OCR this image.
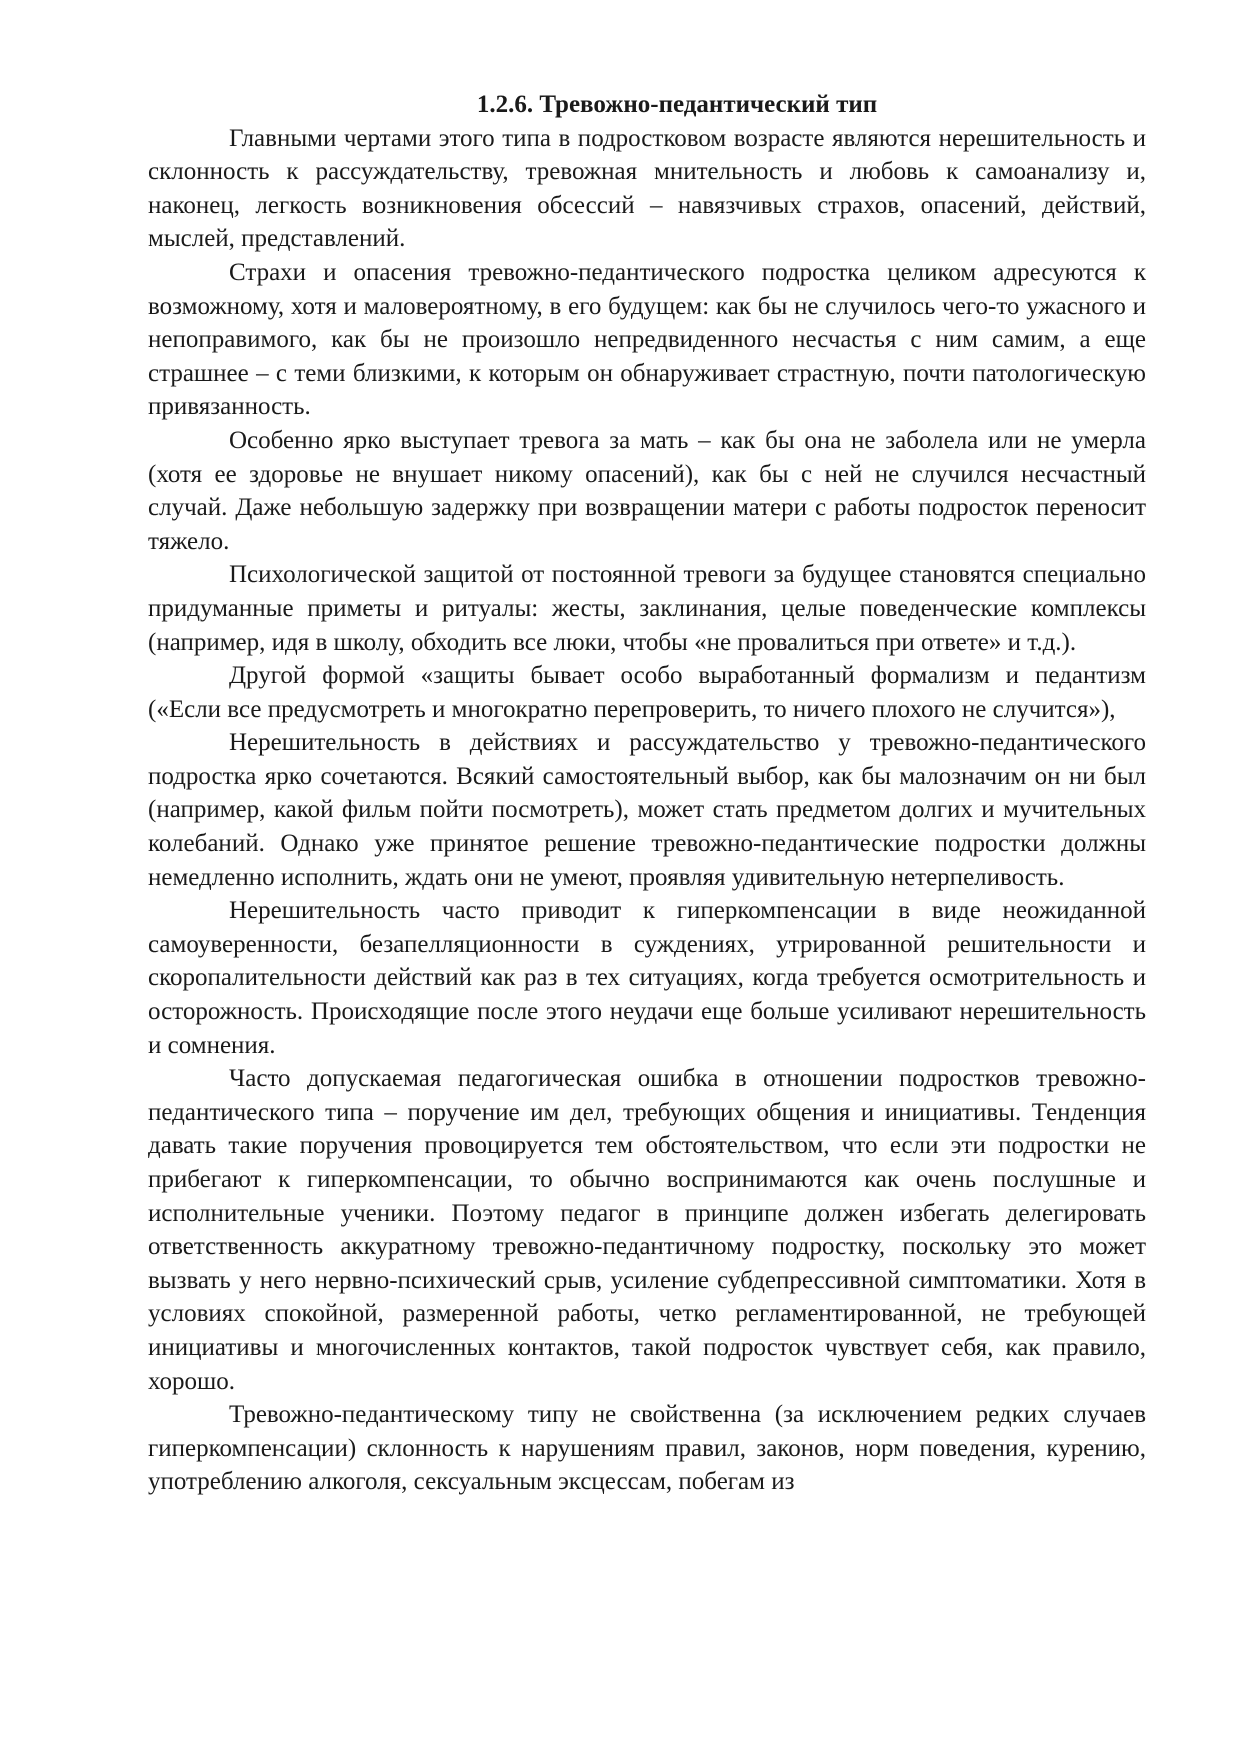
1.2.6. Тревожно-педантический тип

Главными чертами этого типа в подростковом возрасте являются нерешительность и склонность к рассуждательству, тревожная мнительность и любовь к самоанализу и, наконец, легкость возникновения обсессий – навязчивых страхов, опасений, действий, мыслей, представлений.

Страхи и опасения тревожно-педантического подростка целиком адресуются к возможному, хотя и маловероятному, в его будущем: как бы не случилось чего-то ужасного и непоправимого, как бы не произошло непредвиденного несчастья с ним самим, а еще страшнее – с теми близкими, к которым он обнаруживает страстную, почти патологическую привязанность.

Особенно ярко выступает тревога за мать – как бы она не заболела или не умерла (хотя ее здоровье не внушает никому опасений), как бы с ней не случился несчастный случай. Даже небольшую задержку при возвращении матери с работы подросток переносит тяжело.

Психологической защитой от постоянной тревоги за будущее становятся специально придуманные приметы и ритуалы: жесты, заклинания, целые поведенческие комплексы (например, идя в школу, обходить все люки, чтобы «не провалиться при ответе» и т.д.).

Другой формой «защиты бывает особо выработанный формализм и педантизм («Если все предусмотреть и многократно перепроверить, то ничего плохого не случится»),

Нерешительность в действиях и рассуждательство у тревожно-педантического подростка ярко сочетаются. Всякий самостоятельный выбор, как бы малозначим он ни был (например, какой фильм пойти посмотреть), может стать предметом долгих и мучительных колебаний. Однако уже принятое решение тревожно-педантические подростки должны немедленно исполнить, ждать они не умеют, проявляя удивительную нетерпеливость.

Нерешительность часто приводит к гиперкомпенсации в виде неожиданной самоуверенности, безапелляционности в суждениях, утрированной решительности и скоропалительности действий как раз в тех ситуациях, когда требуется осмотрительность и осторожность. Происходящие после этого неудачи еще больше усиливают нерешительность и сомнения.

Часто допускаемая педагогическая ошибка в отношении подростков тревожно-педантического типа – поручение им дел, требующих общения и инициативы. Тенденция давать такие поручения провоцируется тем обстоятельством, что если эти подростки не прибегают к гиперкомпенсации, то обычно воспринимаются как очень послушные и исполнительные ученики. Поэтому педагог в принципе должен избегать делегировать ответственность аккуратному тревожно-педантичному подростку, поскольку это может вызвать у него нервно-психический срыв, усиление субдепрессивной симптоматики. Хотя в условиях спокойной, размеренной работы, четко регламентированной, не требующей инициативы и многочисленных контактов, такой подросток чувствует себя, как правило, хорошо.

Тревожно-педантическому типу не свойственна (за исключением редких случаев гиперкомпенсации) склонность к нарушениям правил, законов, норм поведения, курению, употреблению алкоголя, сексуальным эксцессам, побегам из
